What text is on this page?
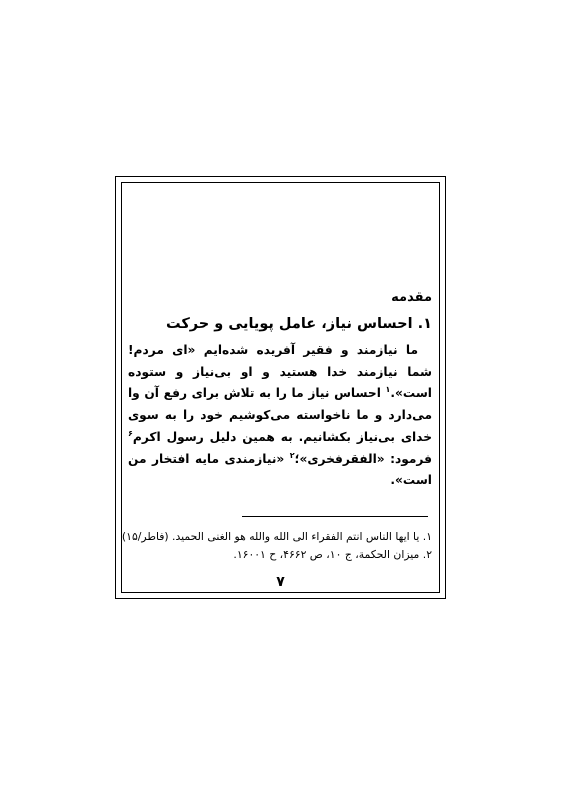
مقدمه

۱. احساس نیاز، عامل پویایی و حرکت

ما نیازمند و فقیر آفریده شده‌ایم «ای مردم! شما نیازمند خدا هستید و او بی‌نیاز و ستوده است».$^۱$ احساس نیاز ما را به تلاش برای رفع آن وا می‌دارد و ما ناخواسته می‌کوشیم خود را به سوی خدای بی‌نیاز بکشانیم. به همین دلیل رسول اکرم$^۶$ فرمود: «الفقرفخری»؛$^۲$ «نیازمندی مایه افتخار من است».

۱. یا ایها الناس انتم الفقراء الی الله والله هو الغنی الحمید. (فاطر/۱۵)

۲. میزان الحکمة، ج ۱۰، ص ۴۶۶۲، ح ۱۶۰۰۱.

۷
